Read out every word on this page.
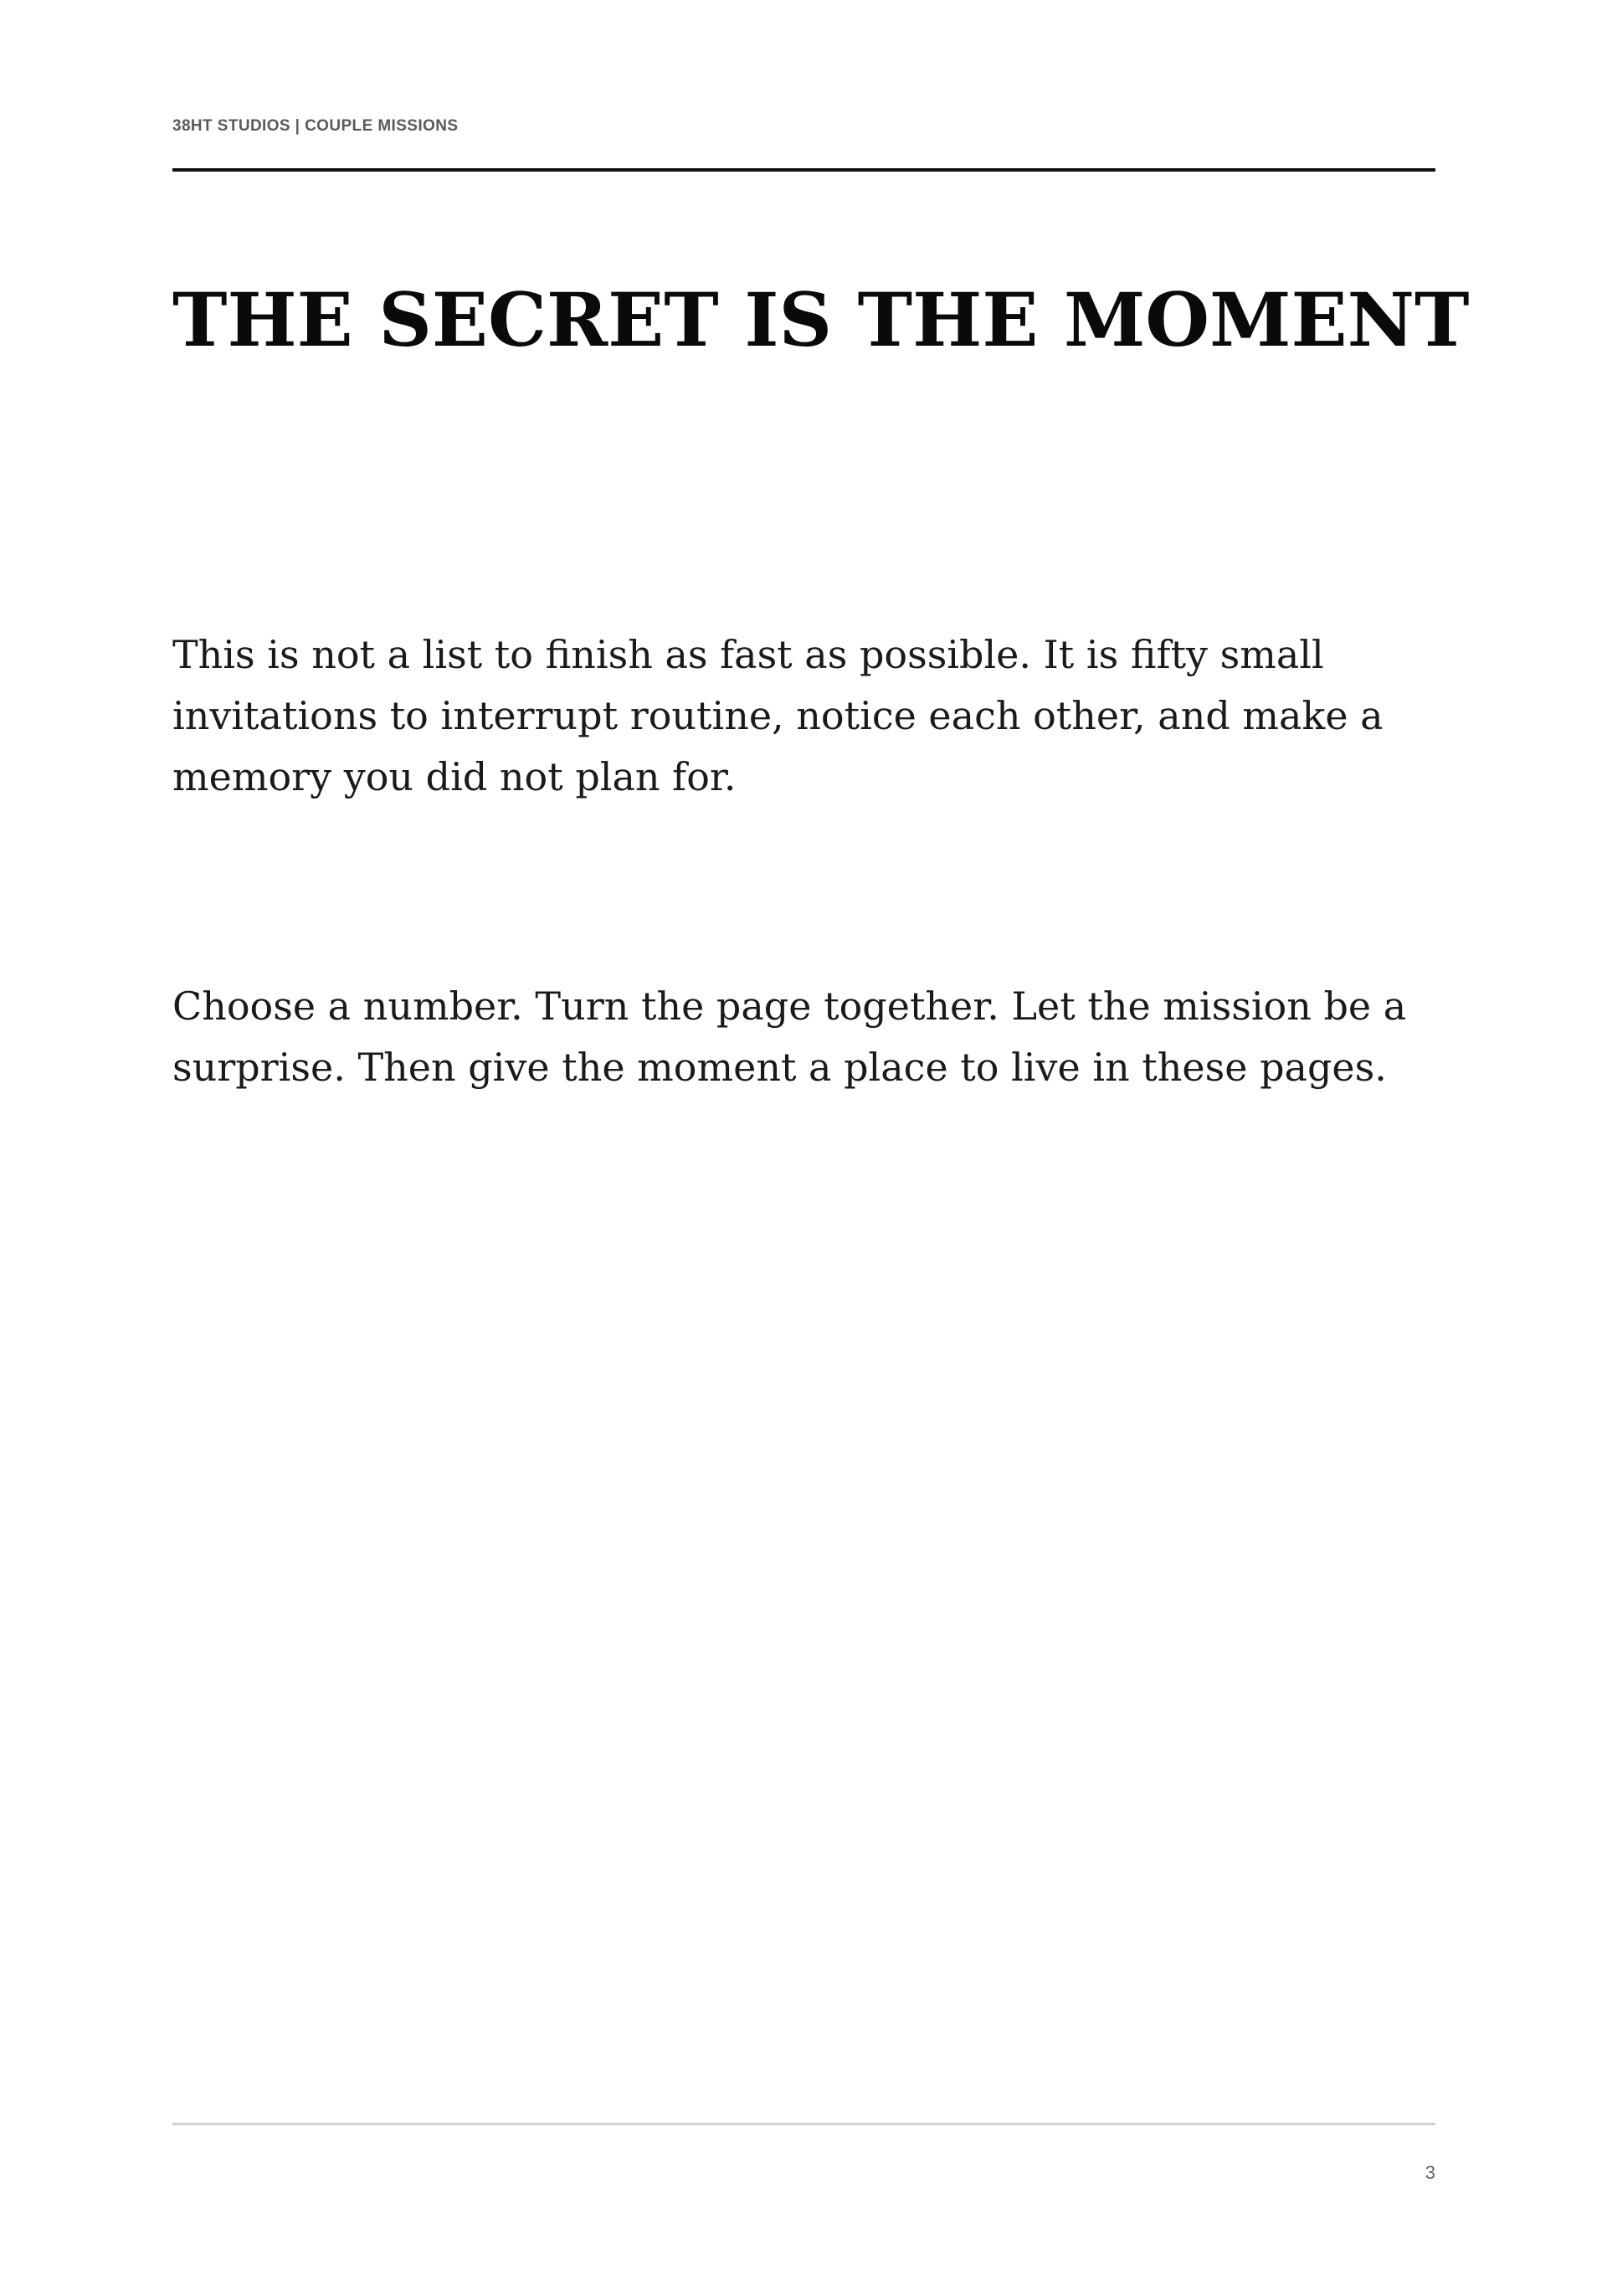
38HT STUDIOS | COUPLE MISSIONS
THE SECRET IS THE MOMENT

This is not a list to finish as fast as possible. It is fifty small invitations to interrupt routine, notice each other, and make a memory you did not plan for.

Choose a number. Turn the page together. Let the mission be a surprise. Then give the moment a place to live in these pages.

3
